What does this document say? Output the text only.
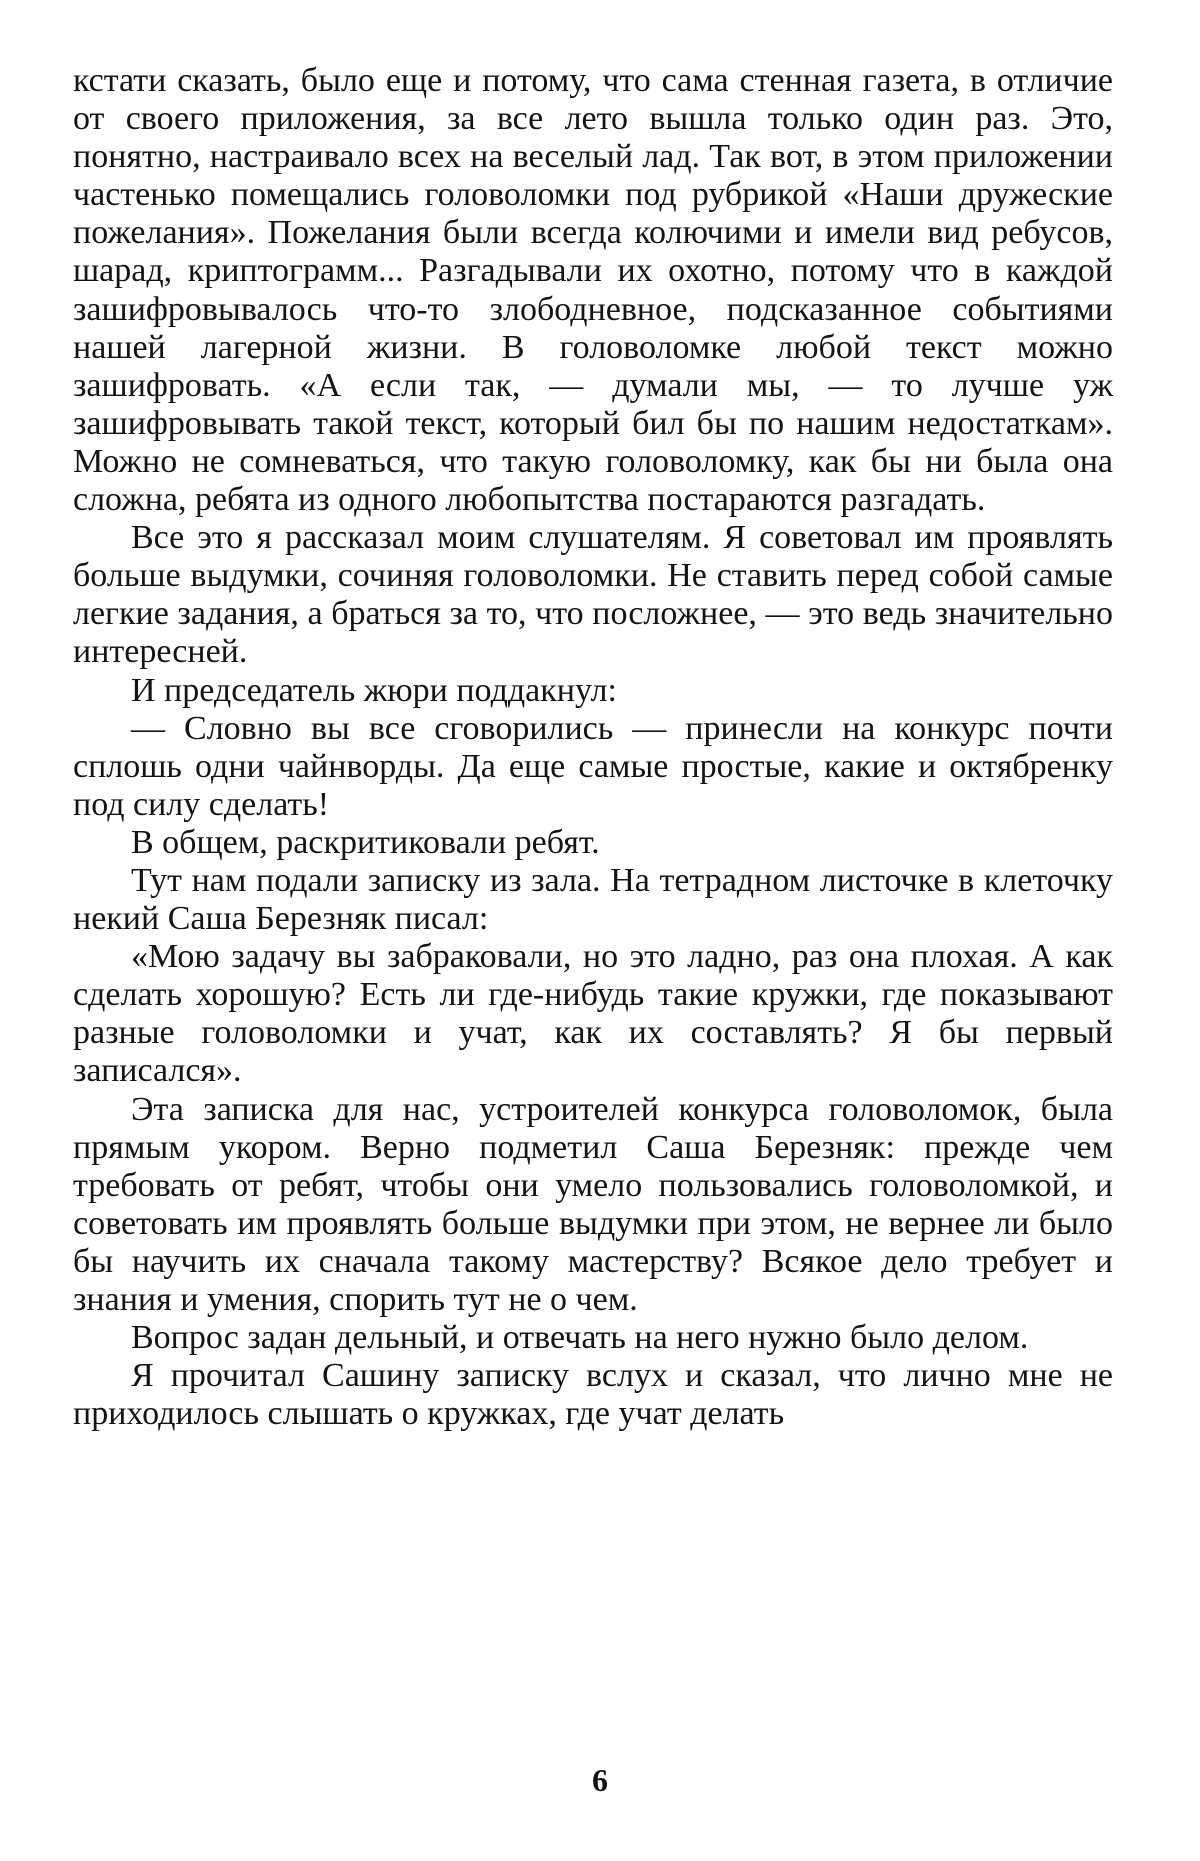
кстати сказать, было еще и потому, что сама стенная газета, в отличие от своего приложения, за все лето вышла только один раз. Это, понятно, настраивало всех на веселый лад. Так вот, в этом приложении частенько помещались головоломки под рубрикой «Наши дружеские пожелания». Пожелания были всегда колючими и имели вид ребусов, шарад, криптограмм... Разгадывали их охотно, потому что в каждой зашифровывалось что-то злободневное, подсказанное событиями нашей лагерной жизни. В головоломке любой текст можно зашифровать. «А если так, — думали мы, — то лучше уж зашифровывать такой текст, который бил бы по нашим недостаткам». Можно не сомневаться, что такую головоломку, как бы ни была она сложна, ребята из одного любопытства постараются разгадать.

Все это я рассказал моим слушателям. Я советовал им проявлять больше выдумки, сочиняя головоломки. Не ставить перед собой самые легкие задания, а браться за то, что посложнее, — это ведь значительно интересней.

И председатель жюри поддакнул:

— Словно вы все сговорились — принесли на конкурс почти сплошь одни чайнворды. Да еще самые простые, какие и октябренку под силу сделать!

В общем, раскритиковали ребят.

Тут нам подали записку из зала. На тетрадном листочке в клеточку некий Саша Березняк писал:

«Мою задачу вы забраковали, но это ладно, раз она плохая. А как сделать хорошую? Есть ли где-нибудь такие кружки, где показывают разные головоломки и учат, как их составлять? Я бы первый записался».

Эта записка для нас, устроителей конкурса головоломок, была прямым укором. Верно подметил Саша Березняк: прежде чем требовать от ребят, чтобы они умело пользовались головоломкой, и советовать им проявлять больше выдумки при этом, не вернее ли было бы научить их сначала такому мастерству? Всякое дело требует и знания и умения, спорить тут не о чем.

Вопрос задан дельный, и отвечать на него нужно было делом.

Я прочитал Сашину записку вслух и сказал, что лично мне не приходилось слышать о кружках, где учат делать

6
